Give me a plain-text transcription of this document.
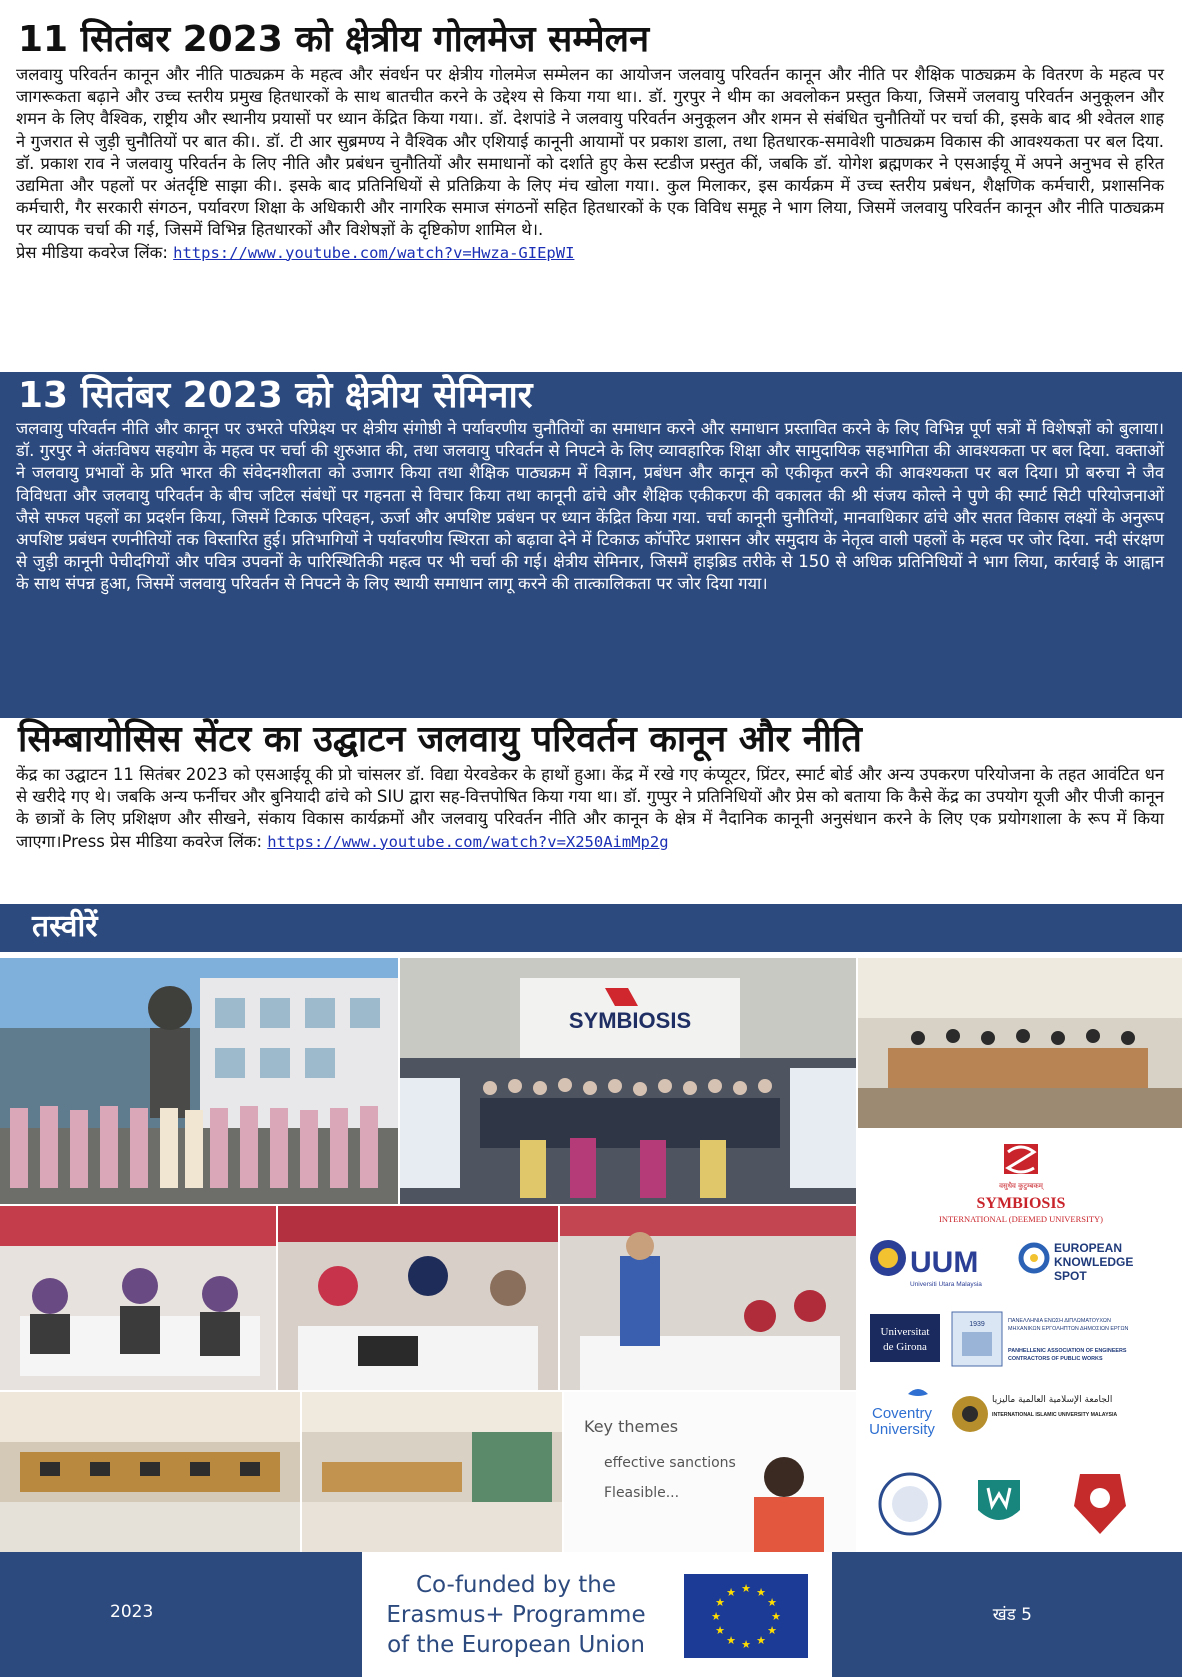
11 सितंबर 2023 को क्षेत्रीय गोलमेज सम्मेलन

जलवायु परिवर्तन कानून और नीति पाठ्यक्रम के महत्व और संवर्धन पर क्षेत्रीय गोलमेज सम्मेलन का आयोजन जलवायु परिवर्तन कानून और नीति पर शैक्षिक पाठ्यक्रम के वितरण के महत्व पर जागरूकता बढ़ाने और उच्च स्तरीय प्रमुख हितधारकों के साथ बातचीत करने के उद्देश्य से किया गया था।. डॉ. गुरपुर ने थीम का अवलोकन प्रस्तुत किया, जिसमें जलवायु परिवर्तन अनुकूलन और शमन के लिए वैश्विक, राष्ट्रीय और स्थानीय प्रयासों पर ध्यान केंद्रित किया गया।. डॉ. देशपांडे ने जलवायु परिवर्तन अनुकूलन और शमन से संबंधित चुनौतियों पर चर्चा की, इसके बाद श्री श्वेतल शाह ने गुजरात से जुड़ी चुनौतियों पर बात की।. डॉ. टी आर सुब्रमण्य ने वैश्विक और एशियाई कानूनी आयामों पर प्रकाश डाला, तथा हितधारक-समावेशी पाठ्यक्रम विकास की आवश्यकता पर बल दिया. डॉ. प्रकाश राव ने जलवायु परिवर्तन के लिए नीति और प्रबंधन चुनौतियों और समाधानों को दर्शाते हुए केस स्टडीज प्रस्तुत कीं, जबकि डॉ. योगेश ब्रह्मणकर ने एसआईयू में अपने अनुभव से हरित उद्यमिता और पहलों पर अंतर्दृष्टि साझा की।. इसके बाद प्रतिनिधियों से प्रतिक्रिया के लिए मंच खोला गया।. कुल मिलाकर, इस कार्यक्रम में उच्च स्तरीय प्रबंधन, शैक्षणिक कर्मचारी, प्रशासनिक कर्मचारी, गैर सरकारी संगठन, पर्यावरण शिक्षा के अधिकारी और नागरिक समाज संगठनों सहित हितधारकों के एक विविध समूह ने भाग लिया, जिसमें जलवायु परिवर्तन कानून और नीति पाठ्यक्रम पर व्यापक चर्चा की गई, जिसमें विभिन्न हितधारकों और विशेषज्ञों के दृष्टिकोण शामिल थे।.
प्रेस मीडिया कवरेज लिंक: https://www.youtube.com/watch?v=Hwza-GIEpWI

13 सितंबर 2023 को क्षेत्रीय सेमिनार

जलवायु परिवर्तन नीति और कानून पर उभरते परिप्रेक्ष्य पर क्षेत्रीय संगोष्ठी ने पर्यावरणीय चुनौतियों का समाधान करने और समाधान प्रस्तावित करने के लिए विभिन्न पूर्ण सत्रों में विशेषज्ञों को बुलाया। डॉ. गुरपुर ने अंतःविषय सहयोग के महत्व पर चर्चा की शुरुआत की, तथा जलवायु परिवर्तन से निपटने के लिए व्यावहारिक शिक्षा और सामुदायिक सहभागिता की आवश्यकता पर बल दिया. वक्ताओं ने जलवायु प्रभावों के प्रति भारत की संवेदनशीलता को उजागर किया तथा शैक्षिक पाठ्यक्रम में विज्ञान, प्रबंधन और कानून को एकीकृत करने की आवश्यकता पर बल दिया। प्रो बरुचा ने जैव विविधता और जलवायु परिवर्तन के बीच जटिल संबंधों पर गहनता से विचार किया तथा कानूनी ढांचे और शैक्षिक एकीकरण की वकालत की श्री संजय कोल्ते ने पुणे की स्मार्ट सिटी परियोजनाओं जैसे सफल पहलों का प्रदर्शन किया, जिसमें टिकाऊ परिवहन, ऊर्जा और अपशिष्ट प्रबंधन पर ध्यान केंद्रित किया गया. चर्चा कानूनी चुनौतियों, मानवाधिकार ढांचे और सतत विकास लक्ष्यों के अनुरूप अपशिष्ट प्रबंधन रणनीतियों तक विस्तारित हुई। प्रतिभागियों ने पर्यावरणीय स्थिरता को बढ़ावा देने में टिकाऊ कॉर्पोरेट प्रशासन और समुदाय के नेतृत्व वाली पहलों के महत्व पर जोर दिया. नदी संरक्षण से जुड़ी कानूनी पेचीदगियों और पवित्र उपवनों के पारिस्थितिकी महत्व पर भी चर्चा की गई। क्षेत्रीय सेमिनार, जिसमें हाइब्रिड तरीके से 150 से अधिक प्रतिनिधियों ने भाग लिया, कार्रवाई के आह्वान के साथ संपन्न हुआ, जिसमें जलवायु परिवर्तन से निपटने के लिए स्थायी समाधान लागू करने की तात्कालिकता पर जोर दिया गया।

सिम्बायोसिस सेंटर का उद्घाटन जलवायु परिवर्तन कानून और नीति

केंद्र का उद्घाटन 11 सितंबर 2023 को एसआईयू की प्रो चांसलर डॉ. विद्या येरवडेकर के हाथों हुआ। केंद्र में रखे गए कंप्यूटर, प्रिंटर, स्मार्ट बोर्ड और अन्य उपकरण परियोजना के तहत आवंटित धन से खरीदे गए थे। जबकि अन्य फर्नीचर और बुनियादी ढांचे को SIU द्वारा सह-वित्तपोषित किया गया था। डॉ. गुप्पुर ने प्रतिनिधियों और प्रेस को बताया कि कैसे केंद्र का उपयोग यूजी और पीजी कानून के छात्रों के लिए प्रशिक्षण और सीखने, संकाय विकास कार्यक्रमों और जलवायु परिवर्तन नीति और कानून के क्षेत्र में नैदानिक कानूनी अनुसंधान करने के लिए एक प्रयोगशाला के रूप में किया जाएगा।Press प्रेस मीडिया कवरेज लिंक: https://www.youtube.com/watch?v=X250AimMp2g

तस्वीरें
SYMBIOSIS
Key themes
effective sanctions
Fleasible...
वसुधैव कुटुम्बकम्
SYMBIOSIS
INTERNATIONAL (DEEMED UNIVERSITY)
UUM
Universiti Utara Malaysia
EUROPEAN
KNOWLEDGE
SPOT
Universitat
de Girona
1939	ΠΑΝΕΛΛΗΝΙΑ ΕΝΩΣΗ ΔΙΠΛΩΜΑΤΟΥΧΩΝ
ΜΗΧΑΝΙΚΩΝ ΕΡΓΟΛΗΠΤΩΝ ΔΗΜΟΣΙΩΝ ΕΡΓΩΝ
PANHELLENIC ASSOCIATION OF ENGINEERS
CONTRACTORS OF PUBLIC WORKS
Coventry
University
الجامعة الإسلامية العالمية ماليزيا
INTERNATIONAL ISLAMIC UNIVERSITY MALAYSIA
2023
Co-funded by the Erasmus+ Programme of the European Union
★ ★
★
★
★
★
★
★
★
★
★
★
खंड 5
